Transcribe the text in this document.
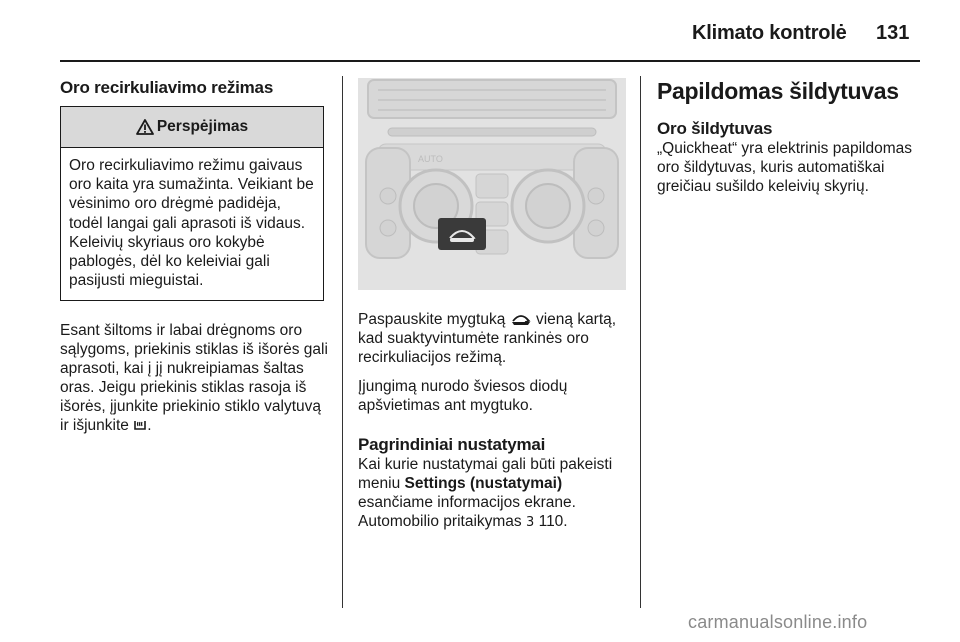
Klimato kontrolė 131
Oro recirkuliavimo režimas
Perspėjimas

Oro recirkuliavimo režimu gaivaus oro kaita yra sumažinta. Veikiant be vėsinimo oro drėgmė padidėja, todėl langai gali aprasoti iš vidaus. Keleivių skyriaus oro kokybė pablogės, dėl ko keleiviai gali pasijusti mieguistai.

Esant šiltoms ir labai drėgnoms oro sąlygoms, priekinis stiklas iš išorės gali aprasoti, kai į jį nukreipiamas šaltas oras. Jeigu priekinis stiklas rasoja iš išorės, įjunkite priekinio stiklo valytuvą ir išjunkite .

AUTO

Paspauskite mygtuką vieną kartą, kad suaktyvintumėte rankinės oro recirkuliacijos režimą.

Įjungimą nurodo šviesos diodų apšvietimas ant mygtuko.

Pagrindiniai nustatymai

Kai kurie nustatymai gali būti pakeisti meniu Settings (nustatymai) esančiame informacijos ekrane. Automobilio pritaikymas 3 110.

Papildomas šildytuvas
Oro šildytuvas

„Quickheat“ yra elektrinis papildomas oro šildytuvas, kuris automatiškai greičiau sušildo keleivių skyrių.

carmanualsonline.info
